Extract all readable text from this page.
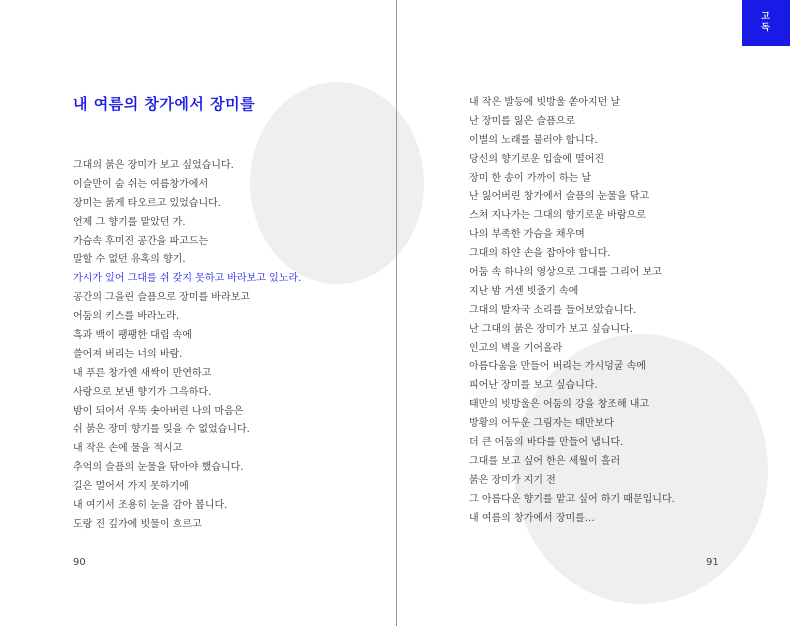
고
독
내 여름의 창가에서 장미를
그대의 붉은 장미가 보고 싶었습니다.
이슬만이 숨 쉬는 여름창가에서
장미는 붉게 타오르고 있었습니다.
언제 그 향기를 맡았던 가.
가슴속 후미진 공간을 파고드는
말할 수 없던 유혹의 향기.
가시가 있어 그대를 쉬 갖지 못하고 바라보고 있노라.
공간의 그을린 슬픔으로 장미를 바라보고
어둠의 키스를 바라노라.
흑과 백이 팽팽한 대립 속에
쓸어져 버리는 너의 바람.
내 푸른 창가엔 새싹이 만연하고
사랑으로 보낸 향기가 그윽하다.
밤이 되어서 우뚝 솟아버린 나의 마음은
쉬 붉은 장미 향기를 잊을 수 없었습니다.
내 작은 손에 물을 적시고
추억의 슬픔의 눈물을 닦아야 했습니다.
길은 멀어서 가지 못하기에
내 여기서 조용히 눈을 감아 봅니다.
도랑 진 깊가에 빗물이 흐르고
내 작은 발등에 빗방울 쏟아지던 날
난 장미를 잃은 슬픔으로
이별의 노래를 불러야 합니다.
당신의 향기로운 입술에 떨어진
장미 한 송이 가까이 하는 날
난 잃어버린 창가에서 슬픔의 눈물을 닦고
스쳐 지나가는 그대의 향기로운 바람으로
나의 부족한 가슴을 채우며
그대의 하얀 손을 잡아야 합니다.
어둠 속 하나의 영상으로 그대를 그리어 보고
지난 밤 거센 빗줄기 속에
그대의 발자국 소리를 들어보았습니다.
난 그대의 붉은 장미가 보고 싶습니다.
인고의 벽을 기어올라
아름다움을 만들어 버리는 가시덩굴 속에
피어난 장미를 보고 싶습니다.
태만의 빗방울은 어둠의 강을 창조해 내고
방황의 어두운 그림자는 태만보다
더 큰 어둠의 바다를 만들어 냅니다.
그대를 보고 싶어 한은 세월이 흘러
붉은 장미가 지기 전
그 아름다운 향기를 맡고 싶어 하기 때문입니다.
내 여름의 창가에서 장미를…
90	91
